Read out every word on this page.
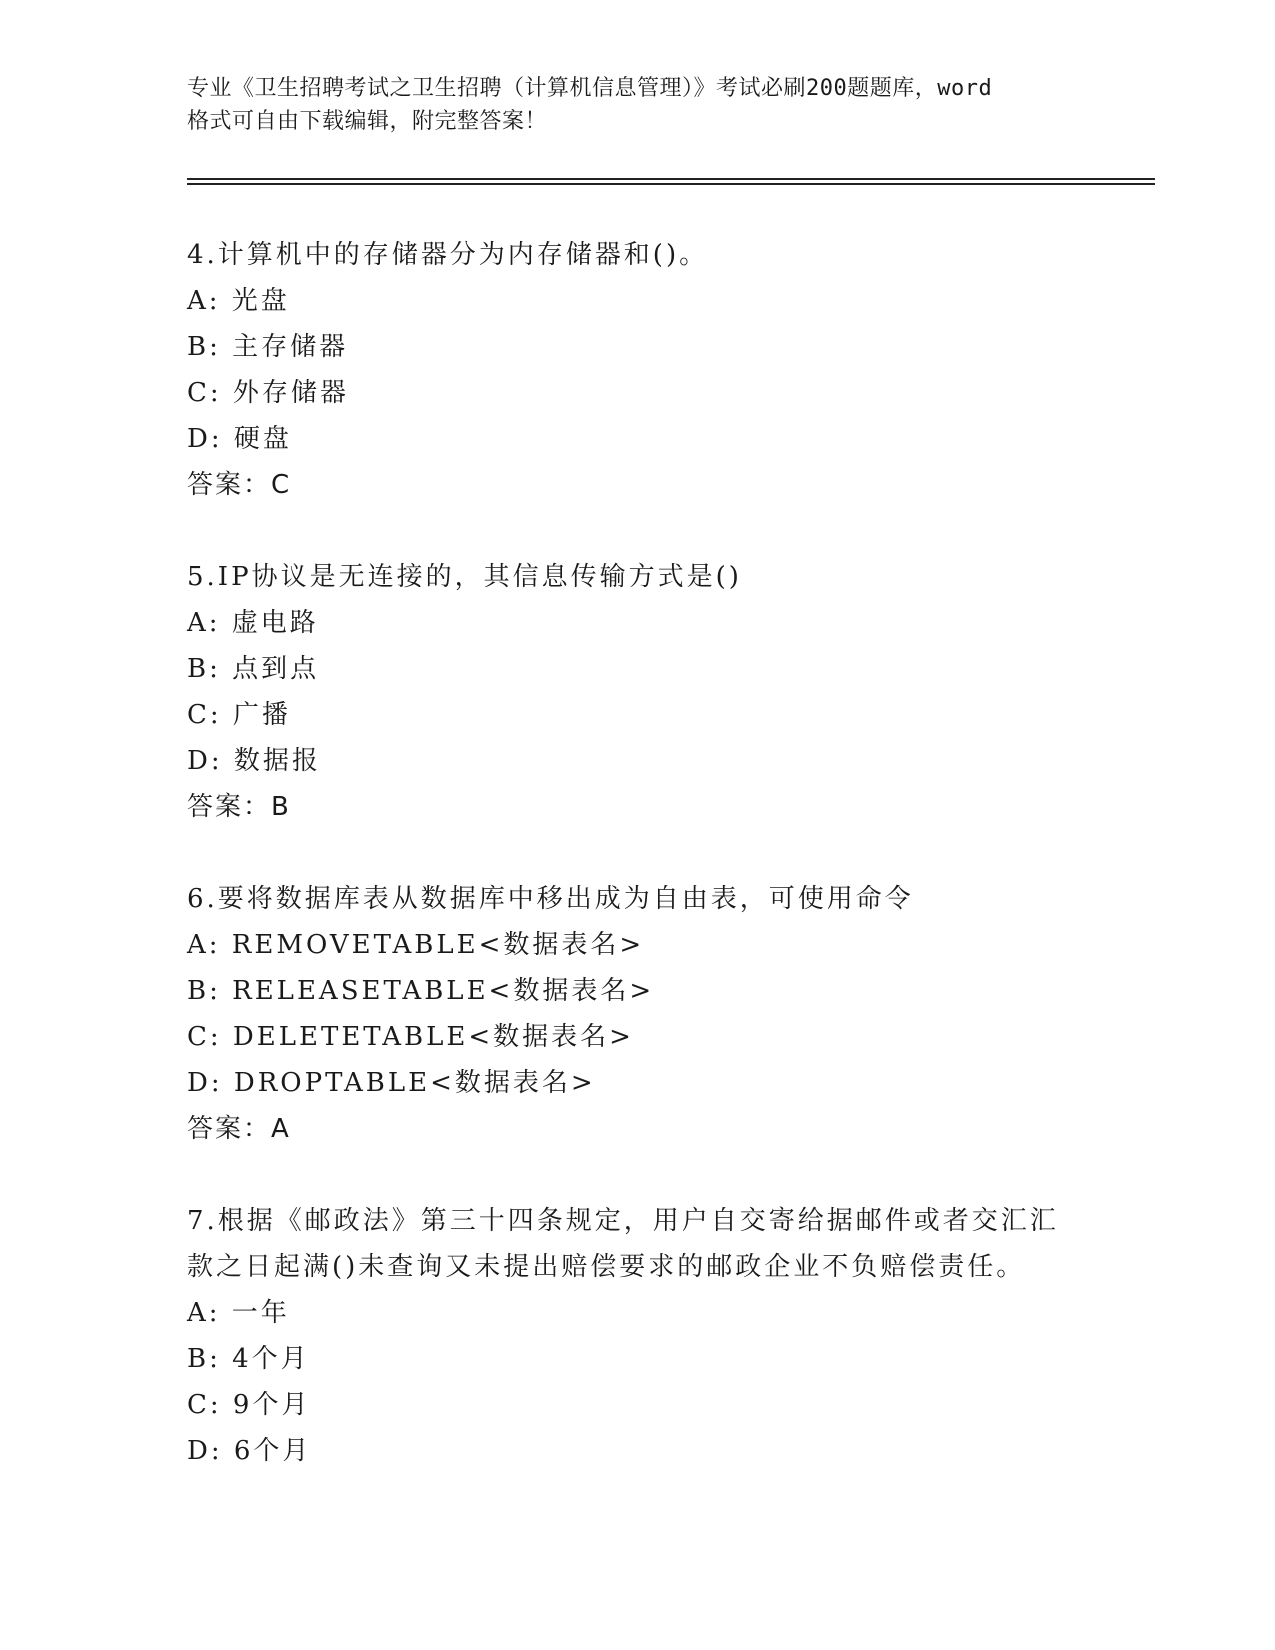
专业《卫生招聘考试之卫生招聘（计算机信息管理）》考试必刷200题题库，word
格式可自由下载编辑，附完整答案！
4.计算机中的存储器分为内存储器和()。
A: 光盘
B: 主存储器
C: 外存储器
D: 硬盘
答案：C
5.IP协议是无连接的，其信息传输方式是()
A: 虚电路
B: 点到点
C: 广播
D: 数据报
答案：B
6.要将数据库表从数据库中移出成为自由表，可使用命令
A: REMOVETABLE<数据表名>
B: RELEASETABLE<数据表名>
C: DELETETABLE<数据表名>
D: DROPTABLE<数据表名>
答案：A
7.根据《邮政法》第三十四条规定，用户自交寄给据邮件或者交汇汇
款之日起满()未查询又未提出赔偿要求的邮政企业不负赔偿责任。
A: 一年
B: 4个月
C: 9个月
D: 6个月
